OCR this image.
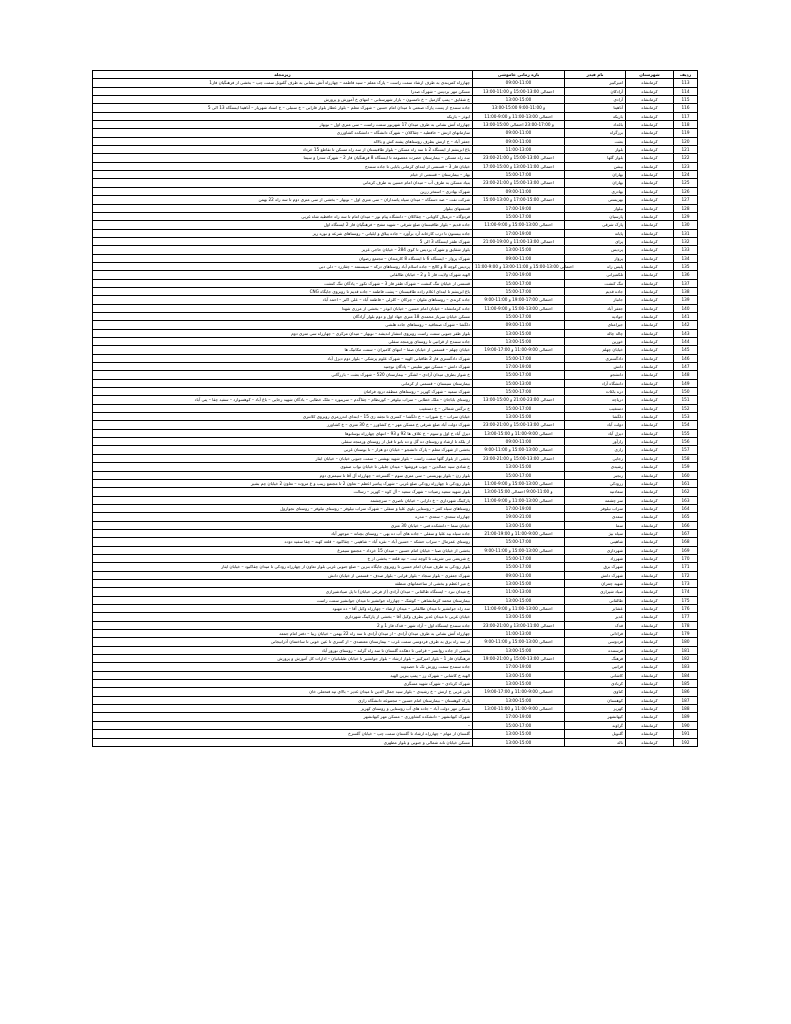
ردیف	شهرستان	نام فیدر	بازه زمانی خاموشی	زیرمجله
113	کرمانشاه	امیرکبیر	09:00-11:00	چهارراه کمربندی به طرف ارشاد سمت راست – پارک معلم – سید فاطمه – چهارراه آتش نشانی به طرف گلنوبل سمت چپ – بخشی از فرهنگیان فاز1
114	کرمانشاه	آرادکان	احتمالی 13:00-15:00 و 11:00-13:00	مسکن مهر بردیس – شهرک صدرا
115	کرمانشاه	آزادی	13:00-15:00	خ شقایق – پمپ گازمیل – خ تامسون – بازار شهرستانی – انتهای خ آموزش و پرورش
116	کرمانشاه	آناهیتا	13:00-15:00 و 11:00-9:00	جاده سنندج از پست پارک صنعتی تا میدان امام حسین – شهرک معلم – بلوار عطار بلوار فارابی – خ سنبلی – خ استاد شهریار – آناهیتا ایستگاه 13 الی 5
117	کرمانشاه	باریکه	احتمالی 13:00-11:00 و 9:00-11:00	ابوذر – باریکه
118	کرمانشاه	باغداد	13:00-15:00 و 17:00-23:00 احتمالی	چهارراه آتش نشانی به طرف میدان 17 شهریور سمت راست – سی متری اول – نوبهار
119	کرمانشاه	برزگراه	09:00-11:00	سازمانهای ارتش – حافظیه – چقاکلان – شهرک دانشگاه – دانشکده کشاورزی
120	کرمانشاه	بعثت	09:00-11:00	جعفر آباد – خ ارتش بطرف روستاهای پشته کش و بالاله
121	کرمانشاه	بلوار	11:00-13:00	باغ ابریشم از ایستگاه 2 تا سه راه مسکن – بلوار طاقبستان از سه راه مسکن تا تقاطع 15 خرداد
122	کرمانشاه	بلوار گلها	احتمالی 13:00-15:00 و 21:00-23:00	سه راه مسکن – بیمارستان حضرت معصومه تا ایستگاه 8 فرهنگیان فاز 2 – شهرک سدرا و سیما
123	کرمانشاه	بیشن	احتمالی 11:00-13:00 و 15:00-17:00	خیابان فاز 3 – قسمتی از ابتدای کرمانی بابایی تا جاده سنندج
124	کرمانشاه	بهاران	15:00-17:00	بهار – بیمارستان – قسمتی از خیام
125	کرمانشاه	بهاران	احتمالی 13:00-15:00 و 21:00-23:00	بنیاد مسکن به طرف آب – میدان امام حسین به طرف کرمانی
126	کرمانشاه	بهادری	09:00-11:00	شهرک بهادری – استخر زرین
127	کرمانشاه	بهزیستی	احتمالی 15:00-17:00 و 13:00-15:00	شرکت نفت – صد دستگاه – میدان سپاه پاسداران – سی متری اول – نوبهار – بخشی از سی متری دوم تا سه راه 22 بهمن
128	کرمانشاه	بیلوار	17:00-19:00	قسمتهای بیلوار
129	کرمانشاه	پارسیان	15:00-17:00	فردوگاه – درمیال کاویانی – چقاکلان – دانشگاه پیام نور – میدان امام تا سه راه حافظیه شاه غربی
130	کرمانشاه	پارک شرقی	احتمالی 13:00-15:00 و 9:00-11:00	جاده قدیم – بلوار طاقبستان ضلع شرقی – شهید مفتح – فرهنگیان فاز 2 ایستگاه اول
131	کرمانشاه	پایانه	17:00-19:00	جاده بیستون تا درب کارخانه آرد برآورد – جاده ییلاق و ایلیاتی – روستاهای شرعه و نوره ریز
132	کرمانشاه	پرای	احتمالی 13:00-11:00 و 19:00-21:00	شهرک ظفر ایستگاه 3 الی 5
133	کرمانشاه	پردیس	13:00-15:00	بلوار شقایق و شهرک پردیس تا کوی 284 – خیابان حاجی عزیز
134	کرمانشاه	پروار	09:00-11:00	شهرک پرواز – ایستگاه 6 تا ایستگاه 8 کارمندان – مجتمع رضوان
135	کرمانشاه	پلیس راه	احتمالی 13:00-15:00 و 11:00-13:00 و 9:00-11:00	پردیس کوچه 8 و کالج – جاده اسلام آباد روستاهای درکه – سیستمه – چقازرد – دلی دبی
136	کرمانشاه	تلکمیزانی	17:00-19:00	الهیه شهرک ولایت فاز 1 و 2 – خیابان طالقانی
137	کرمانشاه	تنگ کنشت	15:00-17:00	قسمتی از خیابان تنگ کنشت – شهرک ظفر فاز 3 – شهرک تکور – پادگان تنگ کنشت
138	کرمانشاه	جاده قدیم	15:00-17:00	باغ ابریشم تا ابتدای اعلام زاده طاقبستان – پشت فاطمه – جاده قدیم تا روبروی جایگاه CNG
139	کرمانشاه	جانبار	احتمالی 17:00-19:00 و 11:00-9:00	جاده کرندی – روستاهای ملوان – چزکان – کلزلی – فاطمه آباد – علی اکبر – احمد آباد
140	کرمانشاه	جعفر آباد	احتمالی 13:00-15:00 و 9:00-11:00	جاده کرمانشاه – خیابان امام حسین – خیابان ابوذر – بخشی از مرزی شهدا
141	کرمانشاه	جوادیه	15:00-17:00	مسکن خیابان سرباز محمدی 18 متری جهاد اول و دوم بلوار آرادگان
142	کرمانشاه	جیرامتای	09:00-11:00	دلگشا – شهرک صنعاقیه – روستاهای جاده هلشی
143	کرمانشاه	چاله چاله	13:00-15:00	بلوار ظفر جنوبی سمت راست روبروی انتشار اندیشه – نوبهار – میدان مرکزی – چهارراه سی متری دوم
144	کرمانشاه	خورین	13:00-15:00	جاده سنندج از قراتیی تا روستای ورمنجه سفلی
145	کرمانشاه	خیابان چهلم	احتمالی 9:00-11:00 و 17:00-19:00	خیابان چهلم – قسمتی از خیابان صفا – انتهای کامیران – سمت مکانیک ها
146	کرمانشاه	دادگستری	15:00-17:00	شهرک دادگستری فاز 2 طاقبانی الهیه – شهرک علوم پزشکی – بلوار دوم دیزل آباد
147	کرمانشاه	دانش	17:00-19:00	شهرک دانش – مسکن مهر تفلیس – پادگان نوجنید
148	کرمانشاه	دانشجو	15:00-17:00	خ شوار بطرف میدان آزادی – لشگر – بیمارستان 520 – شهرک بعثت – بازرگانی
149	کرمانشاه	دانشگاه آزاد	15:00-13:00	بیمارستان سیستان – قسمتی از کرمانی
150	کرمانشاه	دره باغات	15:00-17:00	شهرک سمیه – شهرک کهریز – روستاهای منطقه درود فرامان
151	کرمانشاه	دریاچه	احتمالی 23:00-21:00 و 15:00-13:00	روستای باباجان – ملک خطابی – سراب نیلوفر – کورنظام – چقاگدم – سرینورد – ملک خطابی – بادگان شهید رجایی – باغ آباد – کوهسوارد – سفید چقا – پتی آباد
152	کرمانشاه	دستغیب	15:00-17:00	خ نرگس شمالی – خ دستغیب
153	کرمانشاه	دلگشا	13:00-15:00	خیابان سراب – خ شوراب – خ دلگشا – کسری تا نجفه زی 15 – ابتدای اندرزمری روبروی کلانتری
154	کرمانشاه	دولت آباد	احتمالی 13:00-15:00 و 21:00-23:00	شهرک دولت آباد ضلع شرقی خ مسکن مهر – خ کشاورز – خ 30 متری – خ کشاورز
155	کرمانشاه	دیزل آباد	احتمالی 9:00-11:00 و 15:00-13:00	دیزل آباد خ اول و سوم – خ علاف ها 92 و 93 – انتهای چهارراه بوسانوها
156	کرمانشاه	رازآور	09:00-11:00	از بلکه تا ارشاد و روستای ده گل و ده بانو تا قبل از روستای ورمنجه سفلی
157	کرمانشاه	رازی	احتمالی 13:00-15:00 و 11:00-9:00	بخشی از شهرک معلم – پارک دانشجو – خیابان دو هزار – تا بوستان غربی
158	کرمانشاه	رجایی	احتمالی 13:00-15:00 و 21:00-23:00	بخشی از بلوار گلها سمت راست – بلوار شهید بهشتی – سمت جنوبی خیابان – خیابان ایثار
159	کرمانشاه	رشیدی	13:00-15:00	خ شادی سید جمالدین – چوب فروشها – میدان جلیلی تا خیابان نواب صفوی
160	کرمانشاه	رنجبر	15:00-17:00	بلوار زن – بلوار بهزیستی – سی متری سوم – گلسرخه – چهارراه آل آقا تا سیمتری دوم
161	کرمانشاه	زرودکی	احتمالی 13:00-15:00 و 9:00-11:00	بلوار رودکی تا چهارراه رودکی ضلع غربی – شهرک پیامبر اعظم – تعاون 2 تا مجتمع زینب و ع مروت – تعاون 2 خیابان چم بشیر
162	کرمانشاه	سعادتیه	13:00-15:00 و 11:00-9:00 احتمالی	بلوار شهید سعید رضیات – شهرک سعید – آل کوه – کهریز – رسالت
163	کرمانشاه	سر چشمه	احتمالی 13:00-11:00 و 9:00-11:00	پارکینگ شهرداری – خ دارابی – خیابان ناصری – سرچشمه
164	کرمانشاه	سراب نیلوفر	17:00-19:00	روستاهای سیاه کمر – روستایی بلوی علیا و سفلی – شهرک سراب نیلوفر – روستای نیلوفر – روستای نجوارول
165	کرمانشاه	سعدی	19:00-21:00	چهارراه سعدی – سعدی – مدره
166	کرمانشاه	سما	13:00-15:00	خیابان سما – دانشکده فنی – خیابان 30 متری
167	کرمانشاه	سپاه بیژ	احتمالی 9:00-11:00 و 19:00-21:00	جاده سیاه بید علیا و سفلی – جاده های آب ده بهی – روستای بچنانه – موجهر آباد
168	کرمانشاه	شاهینی	15:00-17:00	روستای عمرمال – سراب حشکه – حسین آباد – نقره آباد – شاهینی – چقاکبود – قلعه کهنه – چقا سفید دوده
169	کرمانشاه	شهرداری	احتمالی 13:00-15:00 و 11:00-9:00	بخشی از خیابان صبا – خیابان امام حسین – میدان 15 خرداد – مجتمع سیمرغ
170	کرمانشاه	شهرزاد	15:00-17:00	خ شریعتی نبی شریف تا کوچه ثبت – تپه قلعه – بخشی از خ
171	کرمانشاه	شهرک برق	15:00-17:00	بلوار رودکی به طرف میدان امام حسین تا روبروی جایگاه بنزین – ضلع جنوبی غربی بلوار تعاون از چهارراه رودکی تا میدان چقاکبود – خیابان ایثار
172	کرمانشاه	شهرک دانش	09:00-11:00	شهرک جعفری – بلوار سجاد – بلوار قرابی – بلوار صدف – قسمتی از خیابان دانش
173	کرمانشاه	شهید چمران	13:00-15:00	خ میر اعظم و بخشی از ساختمانهای منطقه
174	کرمانشاه	صیاد شیرازی	11:00-13:00	خ میدان نبرد – ایستگاه طالقانی – میدان آزادی (از فرعی خیابان) تا پل صیادشیرازی
175	کرمانشاه	طالقانی	13:00-15:00	بیمارستان محمد کرمانشاهی – کوشک – چهارراه جوانشیر تا میدان جوانشیر سمت راست
176	کرمانشاه	عشایر	احتمالی 13:00-11:00 و 9:00-11:00	سه راه جوانشیر تا میدان طالقانی – میدان ارشاد – چهارراه وکیل آقا – ده مهبود
177	کرمانشاه	غدیر	13:00-15:00	خیابان غربی تا میدان غدیر بطرف وکیل آقا – بخشی از پارکینگ شهرداری
178	کرمانشاه	فدک	احتمالی 11:00-13:00 و 21:00-23:00	جاده سنندج ایستگاه اول – آزاد شهر – فدک فاز 1 و 2
179	کرمانشاه	فرادانی	11:00-13:00	چهارراه آتش نشانی به طرف میدان آزادی – از میدان آزادی تا سه راه 22 بهمن – خیابان زیبا – دفتر امام جمعه
180	کرمانشاه	فردوسی	احتمالی 13:00-15:00 و 11:00-9:00	از سه راه برق به طرف فردوسی سمت غرب – بیمارستان معتضدی – از کسری تا عین خونی تا ساختمان آذرانیجانی
181	کرمانشاه	فرستنده	13:00-15:00	بخشی از جاده روانسر – قراتیی تا دهکده گلستان تا سه راه گرلند – روستای نورور آباد
182	کرمانشاه	فرهنگ	احتمالی 13:00-15:00 و 21:00-19:00	فرهنگیان فاز 1 – بلوار امیرکبیر – بلوار ارشاد – بلوار جوانشیر تا خیابان طبلبانیان – ادارات کل آموزش و پرورش
183	کرمانشاه	قراتیی	17:00-19:00	جاده سنندج سمت روزش تک تا حصدوند
184	کرمانشاه	کاشانی	13:00-15:00	الهیه خ کاشانی – شهرک رز – پمپ بنزین الهیه
185	کرمانشاه	کرنادی	13:00-15:00	شهرک کرنادی – شهرک شهید مسگری
186	کرمانشاه	کتاوی	احتمالی 9:00-11:00 و 17:00-19:00	تاین غربی خ ارتش – خ رشیدی – بلوار سید جمال الدین تا میدان غدیر – بالای تپه فتحعلی خان
187	کرمانشاه	کوهستان	13:00-15:00	پارک کوهستان – بیمارستان امام حسین – مجموعه دانشگاه رازی
188	کرمانشاه	کهریز	احتمالی 9:00-11:00 و 11:00-13:00	مسکن مهر دولت آباد – جاده های آب روستایی و روستای کهریز
189	کرمانشاه	کیهانشهر	17:00-19:00	شهرک کیهانشهر – دانشکده کشاورزی – مسکن مهر کیهانشهر
190	کرمانشاه	گراوند	15:00-17:00	–
191	کرمانشاه	گلنوبل	13:00-15:00	گلستان از مهام – چهارراه ارشاد تا گلستان سمت چپ – خیابان گلسرخ
192	کرمانشاه	ناله	13:00-15:00	مسکن خیابان نانه شمالی و جنوبی و بلوار مطهری
